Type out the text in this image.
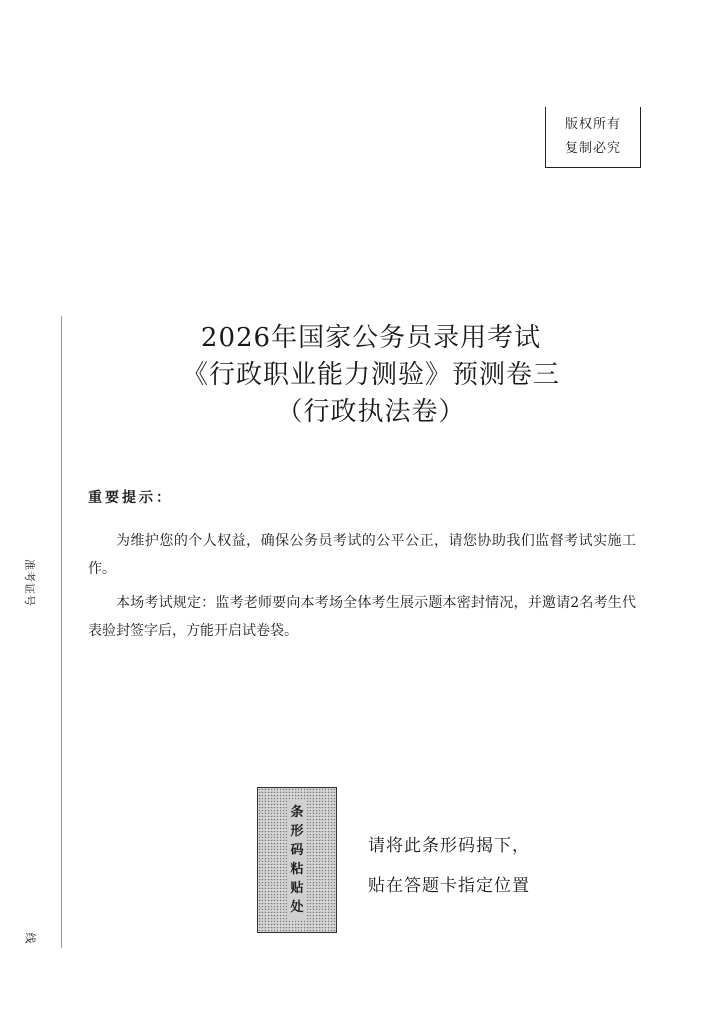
版权所有
复制必究
准考证号
线
2026年国家公务员录用考试
《行政职业能力测验》预测卷三
（行政执法卷）
重要提示：

为维护您的个人权益，确保公务员考试的公平公正，请您协助我们监督考试实施工作。

本场考试规定：监考老师要向本考场全体考生展示题本密封情况，并邀请2名考生代表验封签字后，方能开启试卷袋。

条
形
码
粘
贴
处
请将此条形码揭下，
贴在答题卡指定位置
